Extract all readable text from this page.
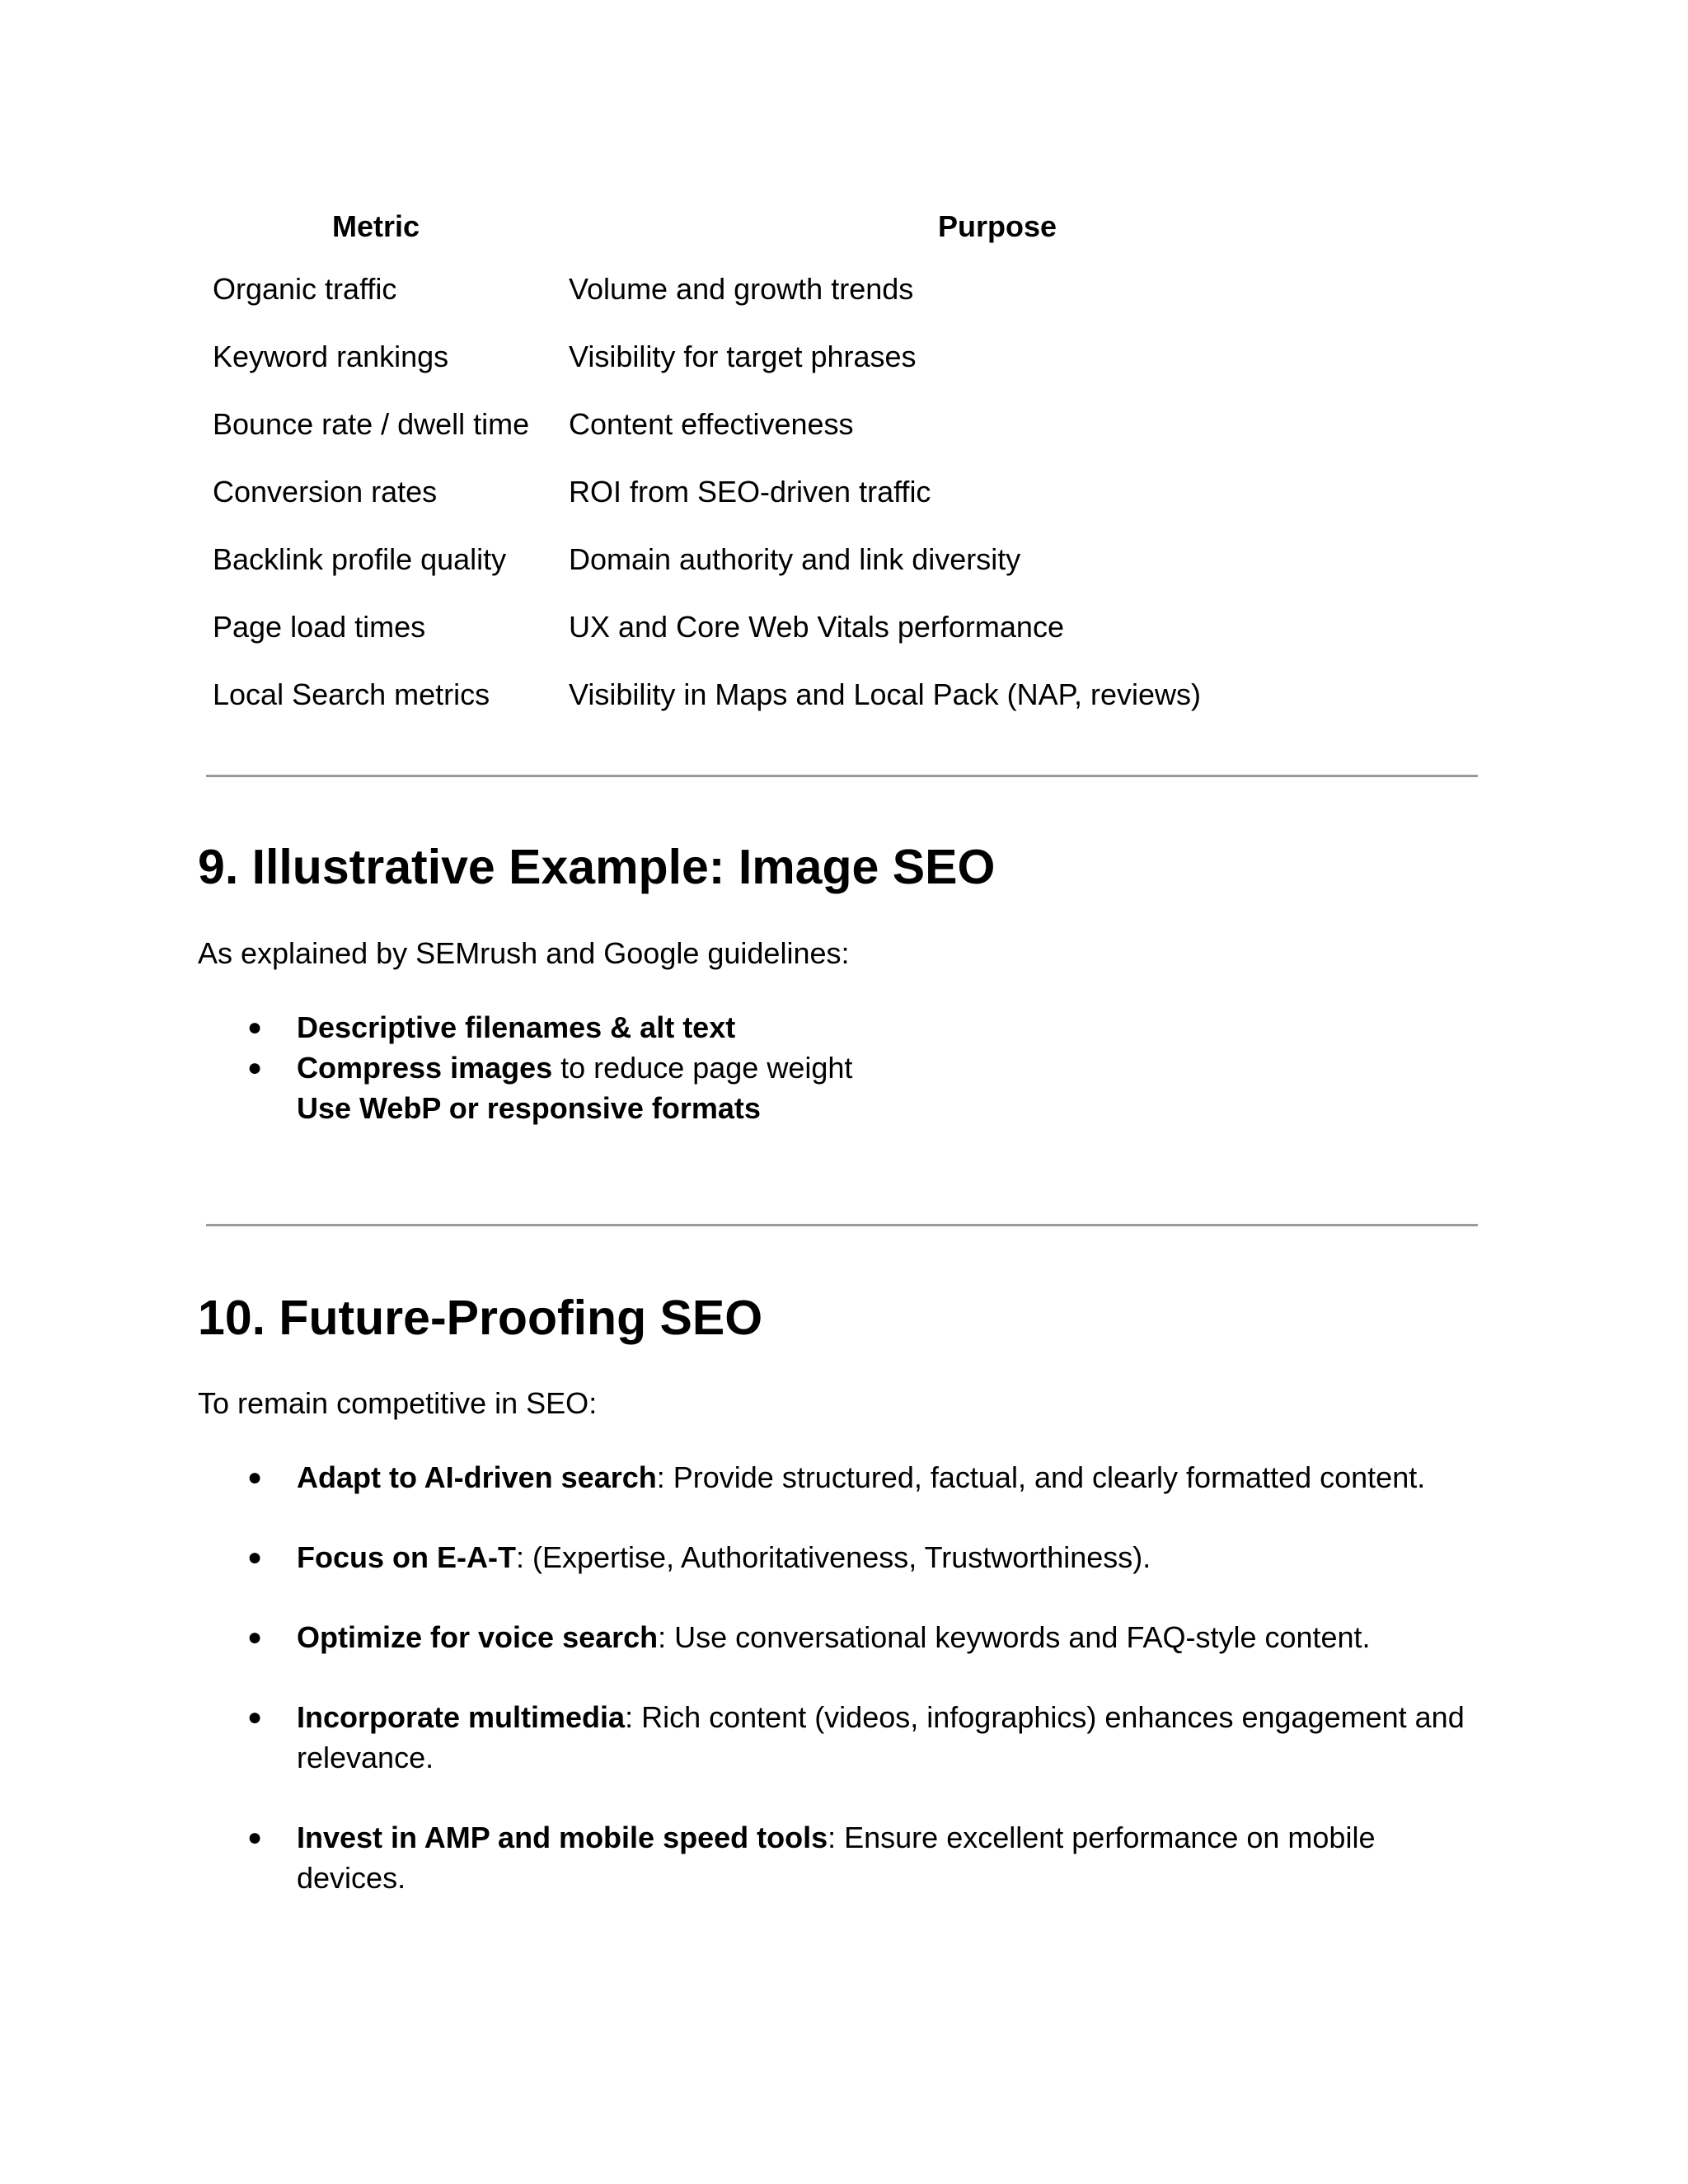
Metric	Purpose
Organic traffic	Volume and growth trends
Keyword rankings	Visibility for target phrases
Bounce rate / dwell time	Content effectiveness
Conversion rates	ROI from SEO-driven traffic
Backlink profile quality	Domain authority and link diversity
Page load times	UX and Core Web Vitals performance
Local Search metrics	Visibility in Maps and Local Pack (NAP, reviews)
9. Illustrative Example: Image SEO

As explained by SEMrush and Google guidelines:

● Descriptive filenames & alt text
● Compress images to reduce page weight
Use WebP or responsive formats
10. Future-Proofing SEO

To remain competitive in SEO:

● Adapt to AI-driven search: Provide structured, factual, and clearly formatted content.
● Focus on E-A-T: (Expertise, Authoritativeness, Trustworthiness).
● Optimize for voice search: Use conversational keywords and FAQ-style content.
● Incorporate multimedia: Rich content (videos, infographics) enhances engagement and relevance.
● Invest in AMP and mobile speed tools: Ensure excellent performance on mobile devices.
